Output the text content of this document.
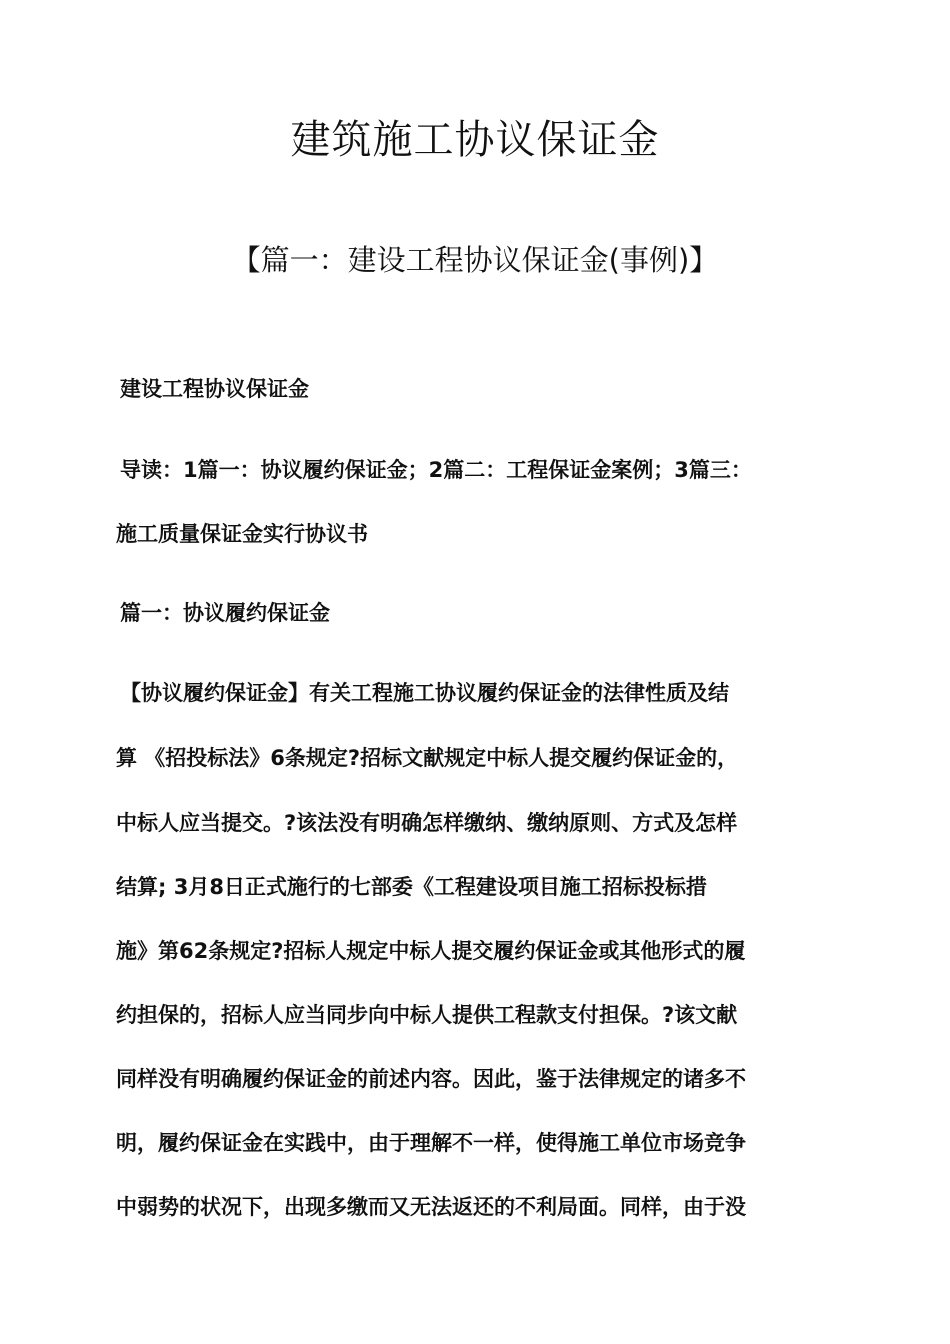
建筑施工协议保证金
【篇一：建设工程协议保证金(事例)】

建设工程协议保证金

导读：1篇一：协议履约保证金；2篇二：工程保证金案例；3篇三：

施工质量保证金实行协议书

篇一：协议履约保证金

【协议履约保证金】有关工程施工协议履约保证金的法律性质及结

算 《招投标法》6条规定?招标文献规定中标人提交履约保证金的，

中标人应当提交。?该法没有明确怎样缴纳、缴纳原则、方式及怎样

结算; 3月8日正式施行的七部委《工程建设项目施工招标投标措

施》第62条规定?招标人规定中标人提交履约保证金或其他形式的履

约担保的，招标人应当同步向中标人提供工程款支付担保。?该文献

同样没有明确履约保证金的前述内容。因此，鉴于法律规定的诸多不

明，履约保证金在实践中，由于理解不一样，使得施工单位市场竞争

中弱势的状况下，出现多缴而又无法返还的不利局面。同样，由于没
